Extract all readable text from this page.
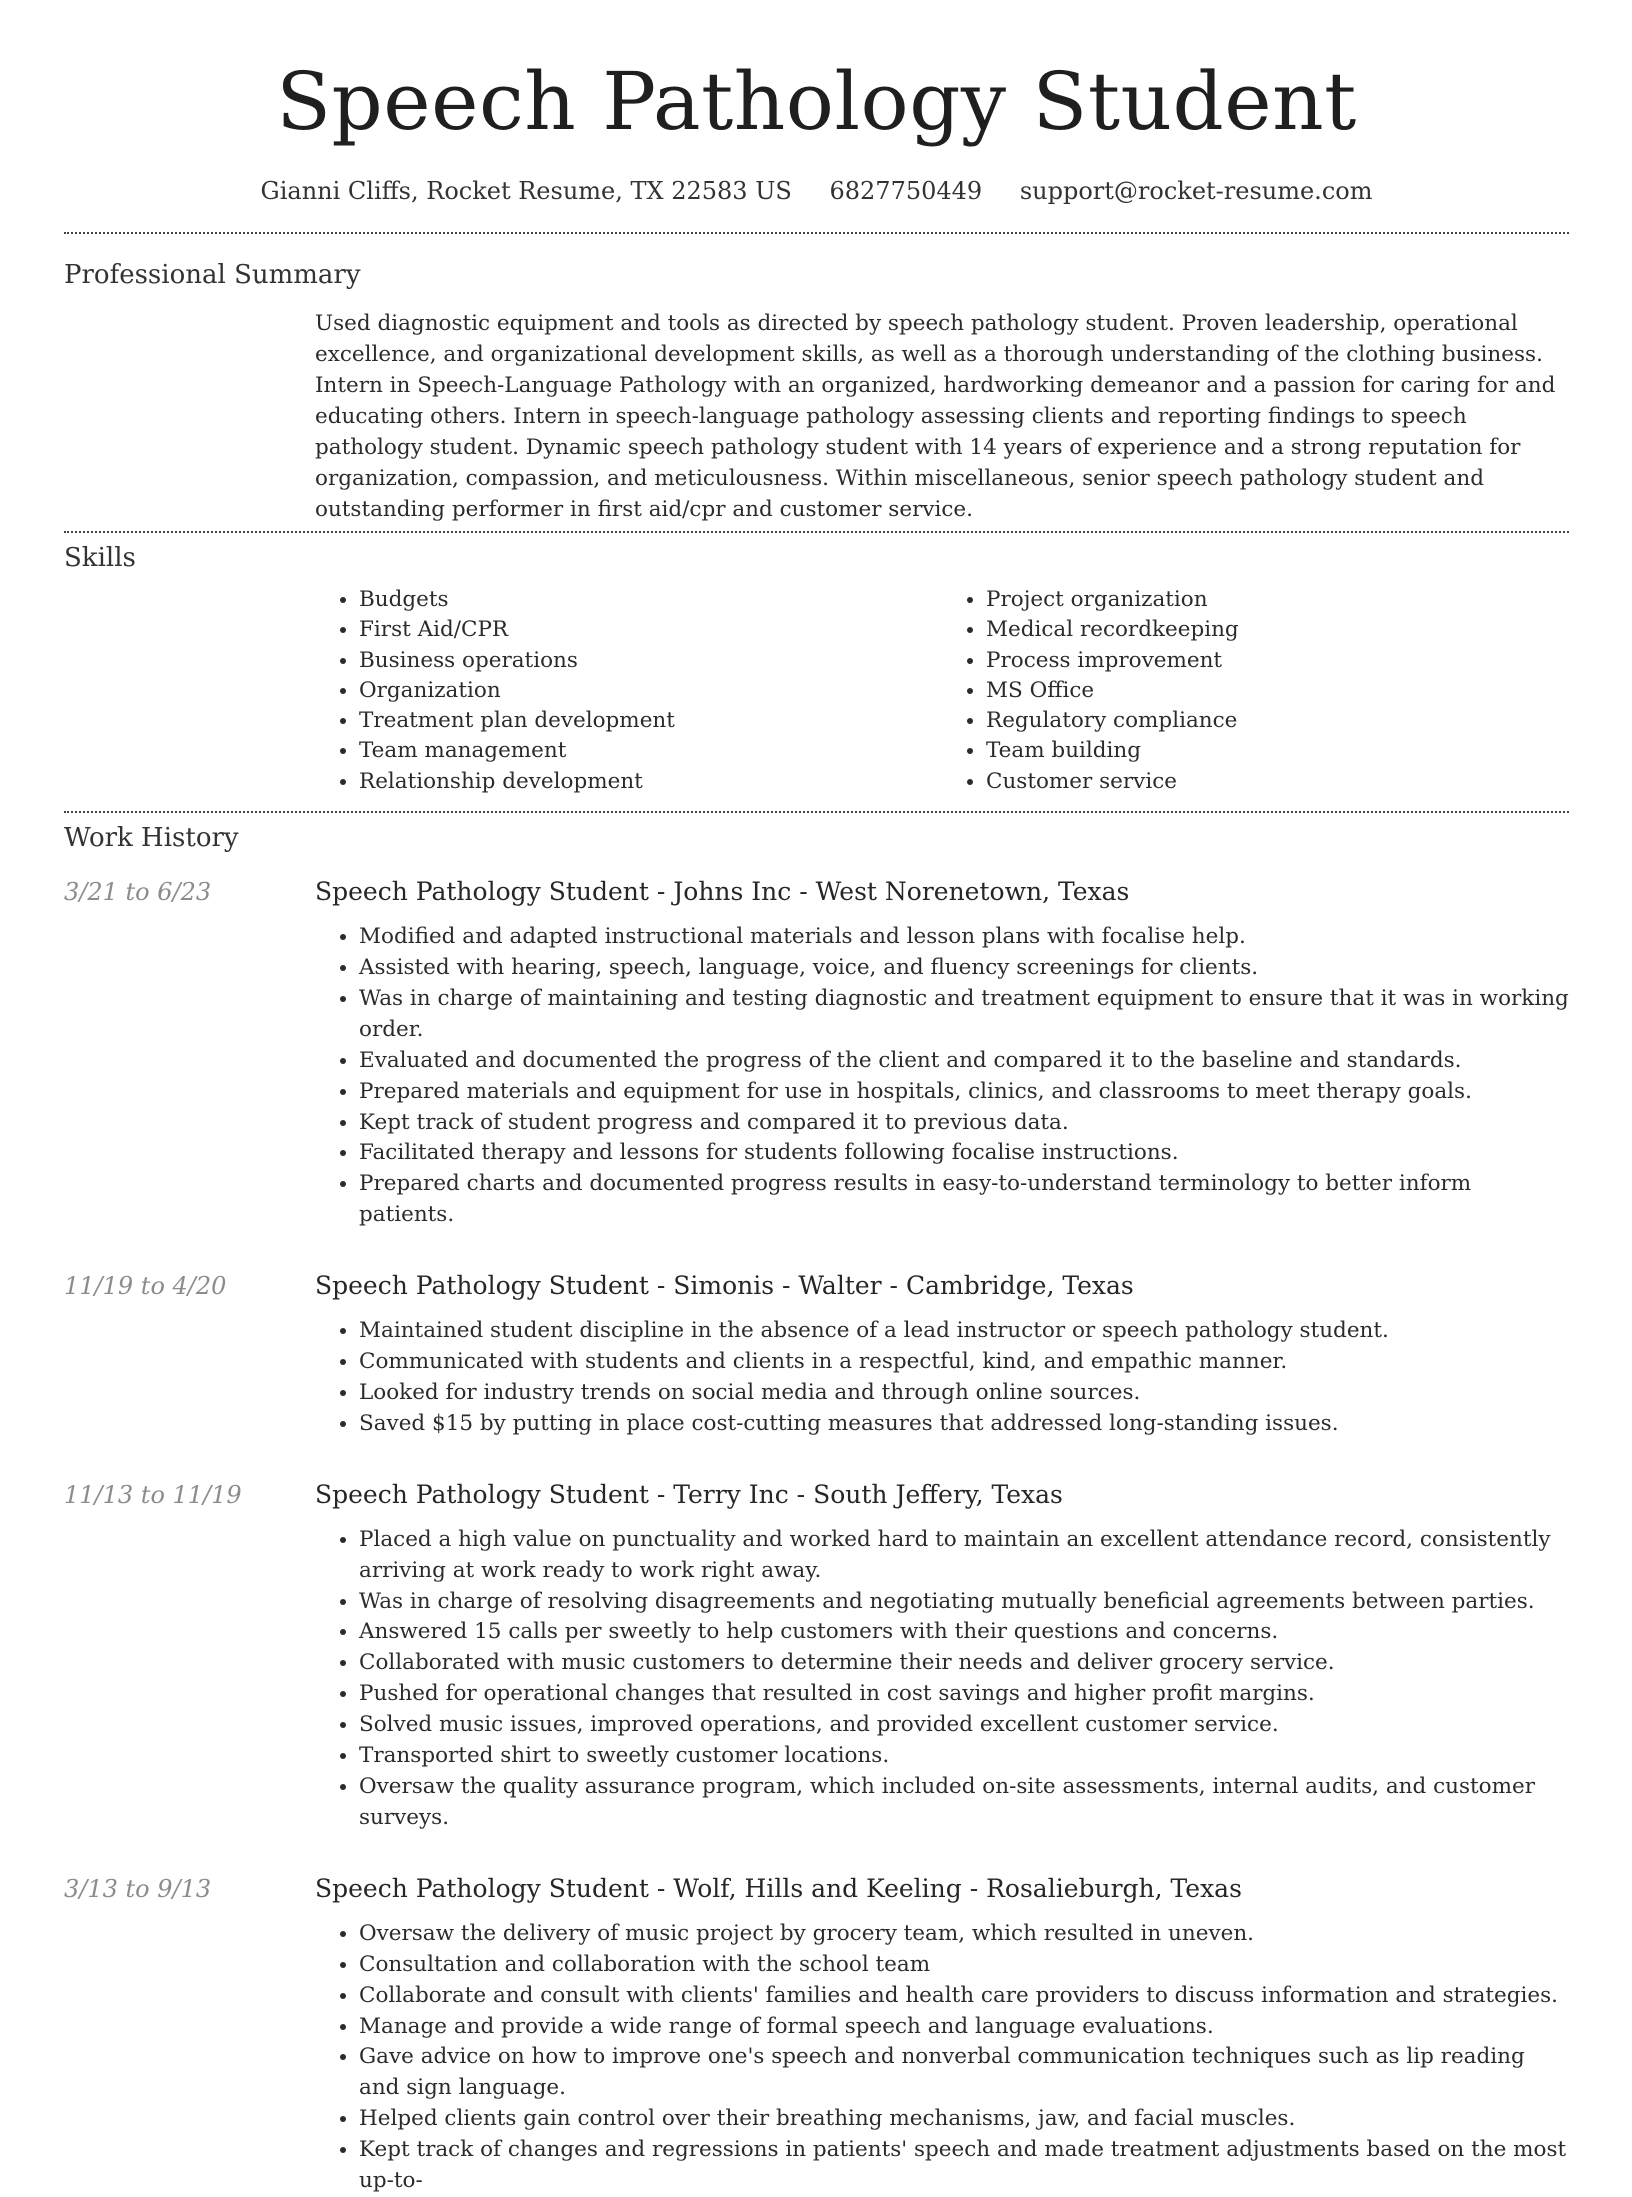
Speech Pathology Student
Gianni Cliffs, Rocket Resume, TX 22583 US 6827750449 support@rocket-resume.com
Professional Summary
Used diagnostic equipment and tools as directed by speech pathology student. Proven leadership, operational excellence, and organizational development skills, as well as a thorough understanding of the clothing business. Intern in Speech-Language Pathology with an organized, hardworking demeanor and a passion for caring for and educating others. Intern in speech-language pathology assessing clients and reporting findings to speech pathology student. Dynamic speech pathology student with 14 years of experience and a strong reputation for organization, compassion, and meticulousness. Within miscellaneous, senior speech pathology student and outstanding performer in first aid/cpr and customer service.
Skills
• Budgets
• First Aid/CPR
• Business operations
• Organization
• Treatment plan development
• Team management
• Relationship development
• Project organization
• Medical recordkeeping
• Process improvement
• MS Office
• Regulatory compliance
• Team building
• Customer service
Work History
3/21 to 6/23	Speech Pathology Student - Johns Inc - West Norenetown, Texas
• Modified and adapted instructional materials and lesson plans with focalise help.
• Assisted with hearing, speech, language, voice, and fluency screenings for clients.
• Was in charge of maintaining and testing diagnostic and treatment equipment to ensure that it was in working order.
• Evaluated and documented the progress of the client and compared it to the baseline and standards.
• Prepared materials and equipment for use in hospitals, clinics, and classrooms to meet therapy goals.
• Kept track of student progress and compared it to previous data.
• Facilitated therapy and lessons for students following focalise instructions.
• Prepared charts and documented progress results in easy-to-understand terminology to better inform patients.
11/19 to 4/20	Speech Pathology Student - Simonis - Walter - Cambridge, Texas
• Maintained student discipline in the absence of a lead instructor or speech pathology student.
• Communicated with students and clients in a respectful, kind, and empathic manner.
• Looked for industry trends on social media and through online sources.
• Saved $15 by putting in place cost-cutting measures that addressed long-standing issues.
11/13 to 11/19	Speech Pathology Student - Terry Inc - South Jeffery, Texas
• Placed a high value on punctuality and worked hard to maintain an excellent attendance record, consistently arriving at work ready to work right away.
• Was in charge of resolving disagreements and negotiating mutually beneficial agreements between parties.
• Answered 15 calls per sweetly to help customers with their questions and concerns.
• Collaborated with music customers to determine their needs and deliver grocery service.
• Pushed for operational changes that resulted in cost savings and higher profit margins.
• Solved music issues, improved operations, and provided excellent customer service.
• Transported shirt to sweetly customer locations.
• Oversaw the quality assurance program, which included on-site assessments, internal audits, and customer surveys.
3/13 to 9/13	Speech Pathology Student - Wolf, Hills and Keeling - Rosalieburgh, Texas
• Oversaw the delivery of music project by grocery team, which resulted in uneven.
• Consultation and collaboration with the school team
• Collaborate and consult with clients' families and health care providers to discuss information and strategies.
• Manage and provide a wide range of formal speech and language evaluations.
• Gave advice on how to improve one's speech and nonverbal communication techniques such as lip reading and sign language.
• Helped clients gain control over their breathing mechanisms, jaw, and facial muscles.
• Kept track of changes and regressions in patients' speech and made treatment adjustments based on the most up-to-
